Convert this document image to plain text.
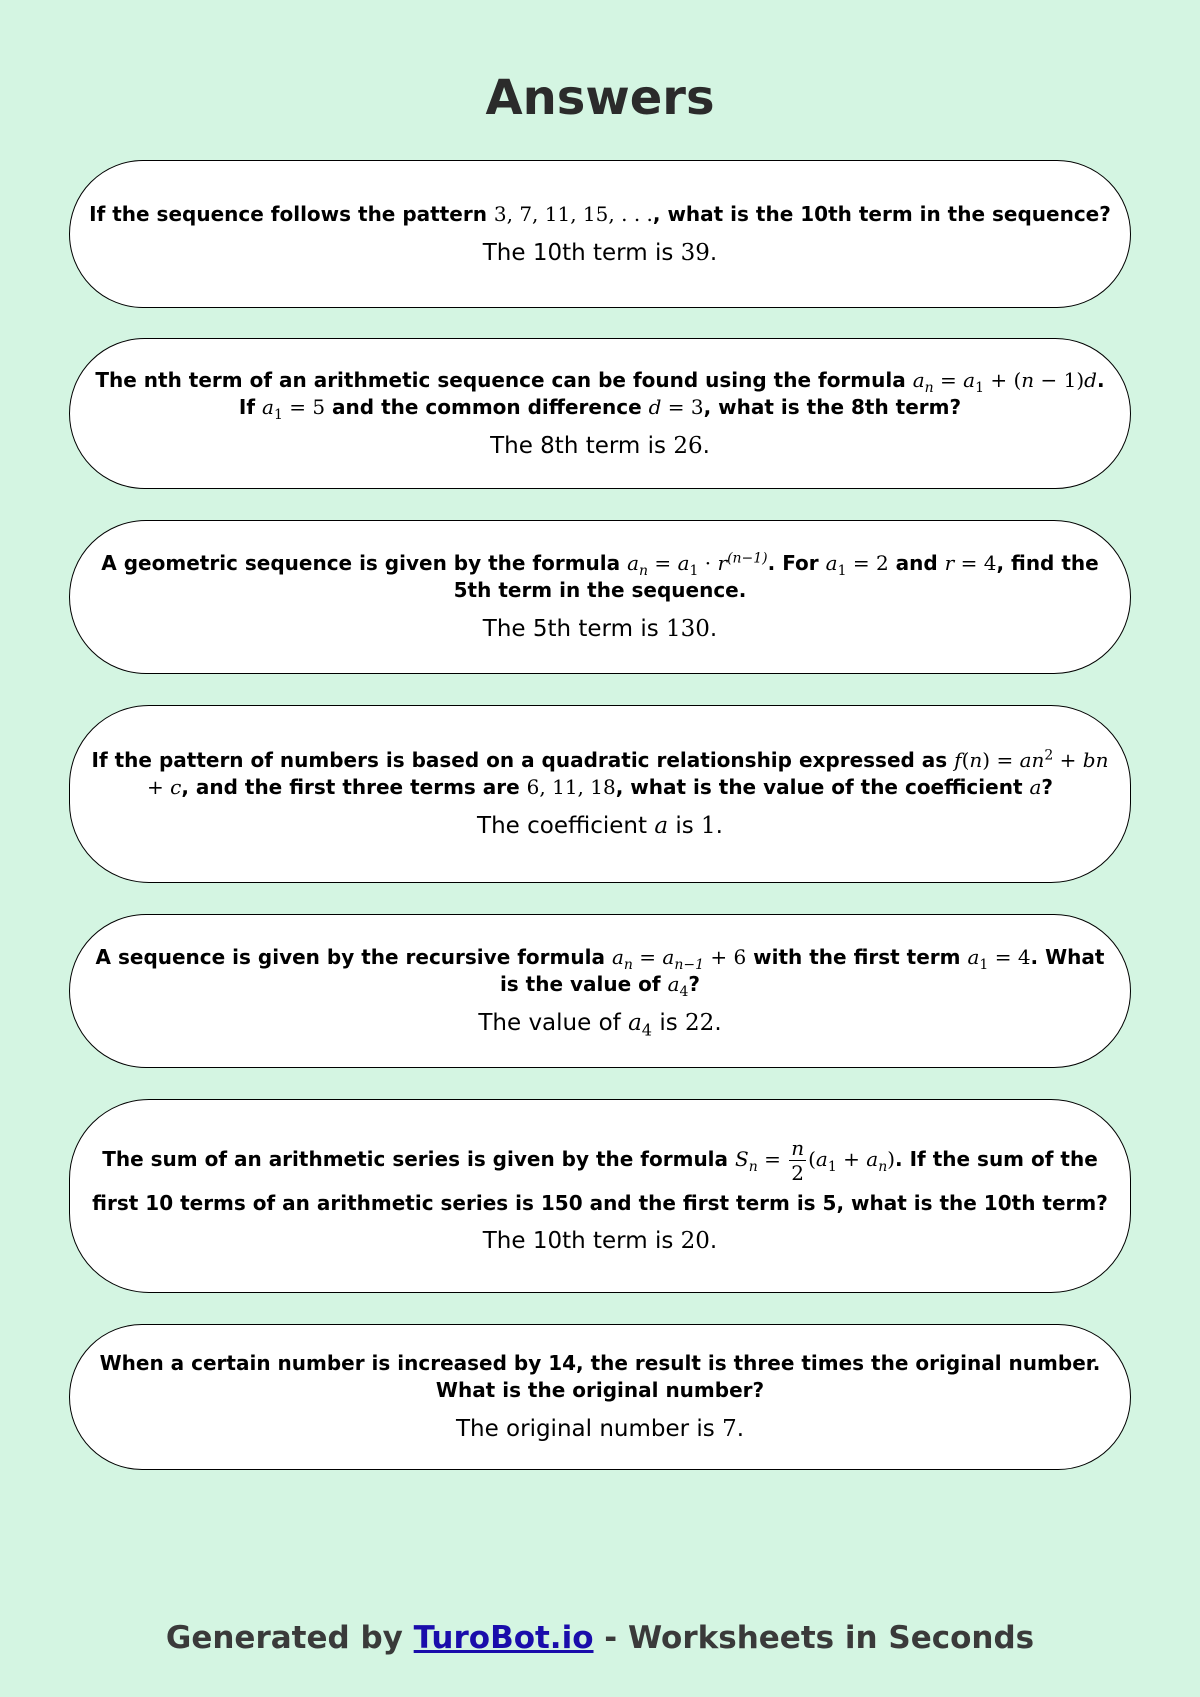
Answers

If the sequence follows the pattern 3, 7, 11, 15, . . ., what is the 10th term in the sequence?

The 10th term is 39.

The nth term of an arithmetic sequence can be found using the formula $a_n = a_1 + (n - 1)d$. If $a_1 = 5$ and the common difference d = 3, what is the 8th term?

The 8th term is 26.

A geometric sequence is given by the formula $a_n = a_1 \cdot r^{(n-1)}$. For $a_1 = 2$ and r = 4, find the 5th term in the sequence.

The 5th term is 130.

If the pattern of numbers is based on a quadratic relationship expressed as $f(n) = an^2$ + bn + c, and the first three terms are 6, 11, 18, what is the value of the coefficient a?

The coefficient a is 1.

A sequence is given by the recursive formula $a_n = a_{n-1} + 6$ with the first term $a_1 = 4$. What is the value of $a_4$?

The value of $a_4$ is 22.

The sum of an arithmetic series is given by the formula $S_n = \frac{n}{2} (a_1 + a_n)$. If the sum of the first 10 terms of an arithmetic series is 150 and the first term is 5, what is the 10th term?

The 10th term is 20.

When a certain number is increased by 14, the result is three times the original number. What is the original number?

The original number is 7.

Generated by TuroBot.io - Worksheets in Seconds
